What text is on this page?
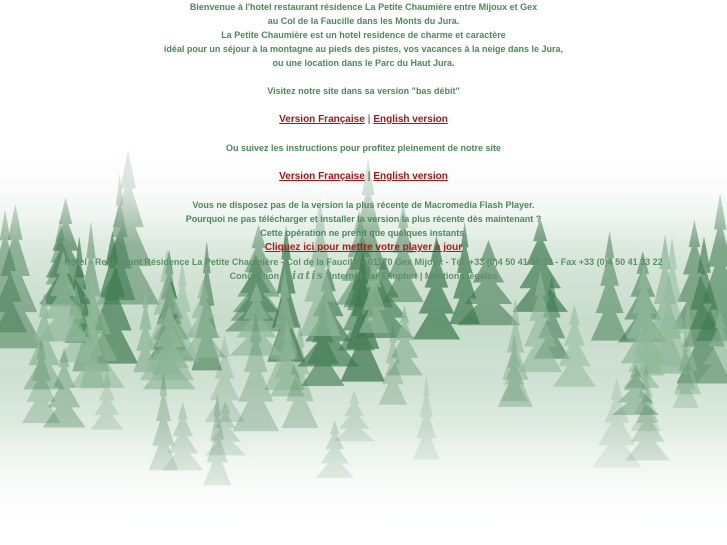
Bienvenue à l'hotel restaurant résidence La Petite Chaumière entre Mijoux et Gex
au Col de la Faucille dans les Monts du Jura.
La Petite Chaumière est un hotel residence de charme et caractère
idéal pour un séjour à la montagne au pieds des pistes, vos vacances à la neige dans le Jura,
ou une location dans le Parc du Haut Jura.
Visitez notre site dans sa version "bas débit"
Version Française | English version
Ou suivez les instructions pour profitez pleinement de notre site
Version Française | English version
Vous ne disposez pas de la version la plus récente de Macromedia Flash Player.
Pourquoi ne pas télécharger et installer la version la plus récente dès maintenant ?
Cette opération ne prend que quelques instants.
Cliquez ici pour mettre votre player à jour
Hôtel - Restaurant Résidence La Petite Chaumière - Col de la Faucille - 01170 Gex Mijoux - Tél. +33 (0)4 50 41 30 22 - Fax +33 (0)4 50 41 33 22
Conception viatis Internet par Ellophot | Mentions légales
